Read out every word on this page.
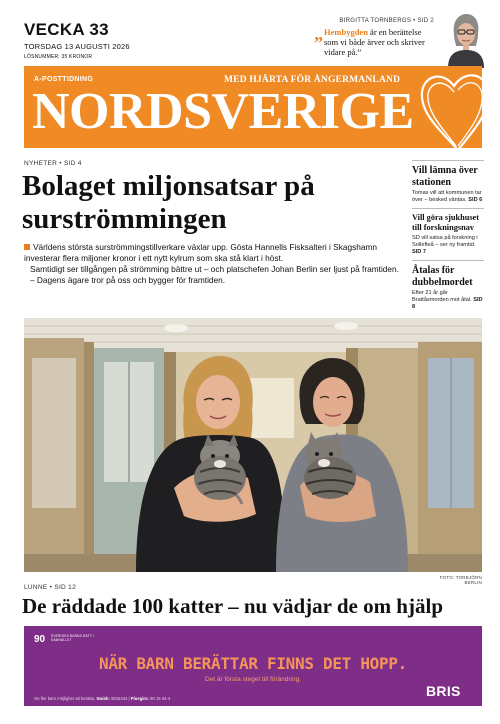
VECKA 33
TORSDAG 13 AUGUSTI 2026
LÖSNUMMER: 35 KRONOR
BIRGITTA TORNBERGS • SID 2
”
Hembygden är en berättelse som vi både ärver och skriver vidare på.”
A-POSTTIDNING	MED HJÄRTA FÖR ÅNGERMANLAND
NORDSVERIGE
NYHETER • SID 4
Bolaget miljonsatsar på surströmmingen

Världens största surströmmingstillverkare växlar upp. Gösta Hannells Fisksalteri i Skagshamn investerar flera miljoner kronor i ett nytt kylrum som ska stå klart i höst.

Samtidigt ser tillgången på strömming bättre ut – och platschefen Johan Berlin ser ljust på framtiden.

– Dagens ägare tror på oss och bygger för framtiden.

Vill lämna över stationen
Tomas vill att kommunen tar över – besked väntas. SID 6
Vill göra sjukhuset till forskningsnav
SD vill satsa på forskning i Sollefteå – ser ny framtid. SID 7
Åtalas för dubbelmordet
Efter 21 år går Brattåsmorden mot åtal. SID 8
FOTO: TORBJÖRN BERLIN
LUNNE • SID 12
De räddade 100 katter – nu vädjar de om hjälp
90 SVERIGES BARNS RÄTT I SAMHÄLLET
NÄR BARN BERÄTTAR FINNS DET HOPP.
Det är första steget till förändring.
Ge fler barn möjlighet att berätta. Swish: 9015344 | Plusgiro: 90 15 34-4	BRIS
